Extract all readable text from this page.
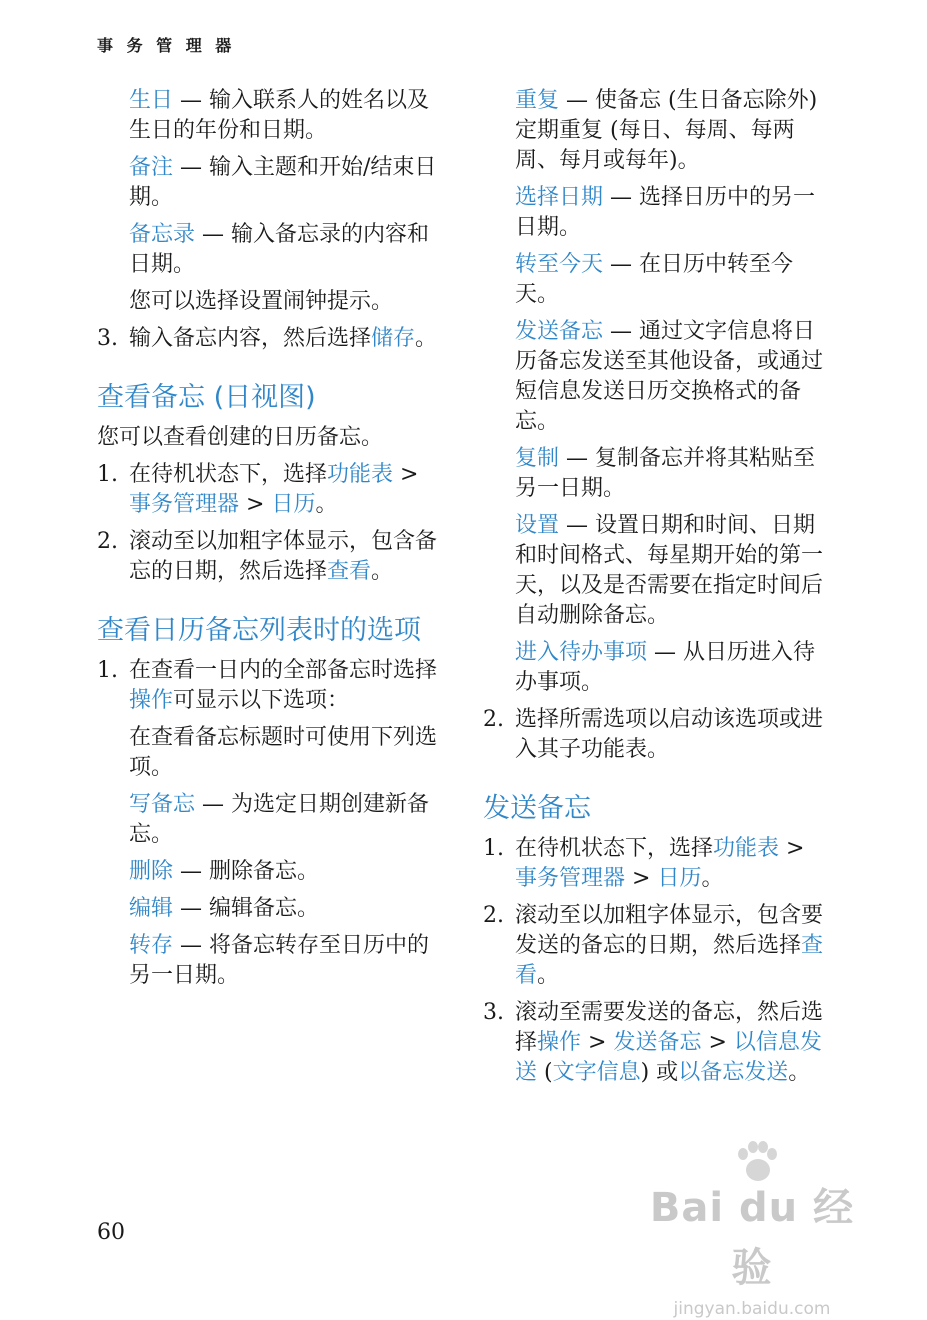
事 务 管 理 器
生日 — 输入联系人的姓名以及生日的年份和日期。
备注 — 输入主题和开始/结束日期。
备忘录 — 输入备忘录的内容和日期。
您可以选择设置闹钟提示。
3. 输入备忘内容，然后选择储存。
查看备忘 (日视图)
您可以查看创建的日历备忘。
1. 在待机状态下，选择功能表 > 事务管理器 > 日历。
2. 滚动至以加粗字体显示，包含备忘的日期，然后选择查看。
查看日历备忘列表时的选项
1. 在查看一日内的全部备忘时选择操作可显示以下选项：
在查看备忘标题时可使用下列选项。
写备忘 — 为选定日期创建新备忘。
删除 — 删除备忘。
编辑 — 编辑备忘。
转存 — 将备忘转存至日历中的另一日期。
重复 — 使备忘 (生日备忘除外) 定期重复 (每日、每周、每两周、每月或每年)。
选择日期 — 选择日历中的另一日期。
转至今天 — 在日历中转至今天。
发送备忘 — 通过文字信息将日历备忘发送至其他设备，或通过短信息发送日历交换格式的备忘。
复制 — 复制备忘并将其粘贴至另一日期。
设置 — 设置日期和时间、日期和时间格式、每星期开始的第一天，以及是否需要在指定时间后自动删除备忘。
进入待办事项 — 从日历进入待办事项。
2. 选择所需选项以启动该选项或进入其子功能表。
发送备忘
1. 在待机状态下，选择功能表 > 事务管理器 > 日历。
2. 滚动至以加粗字体显示，包含要发送的备忘的日期，然后选择查看。
3. 滚动至需要发送的备忘，然后选择操作 > 发送备忘 > 以信息发送 (文字信息) 或以备忘发送。
60
Bai du 经验
jingyan.baidu.com
